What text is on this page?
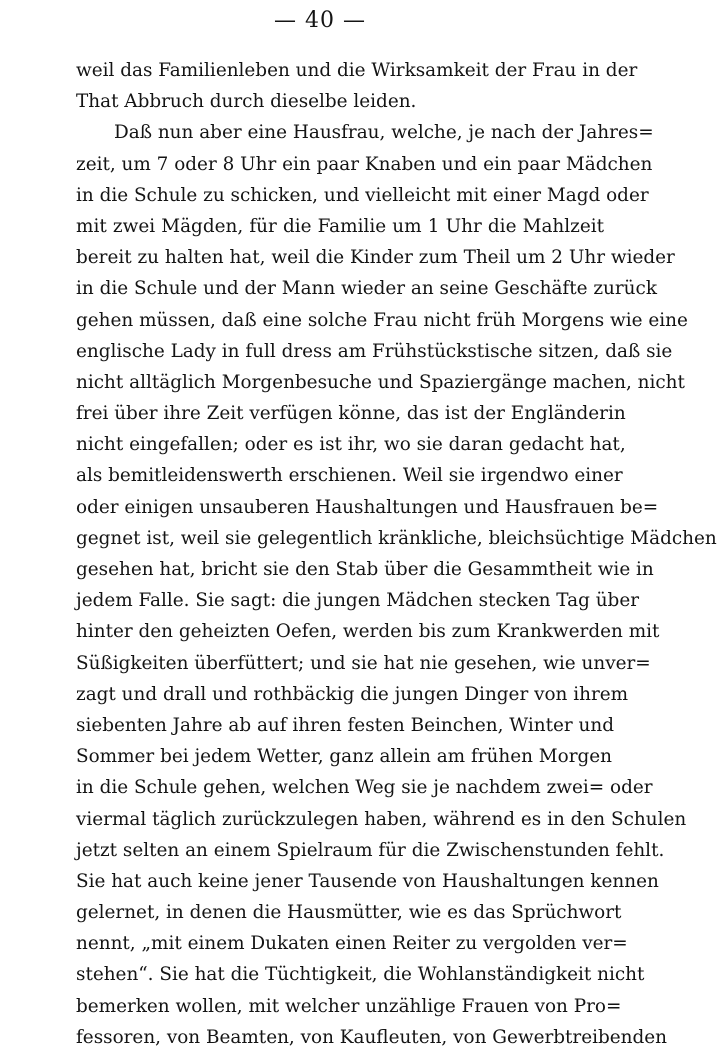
— 40 —
weil das Familienleben und die Wirksamkeit der Frau in der
That Abbruch durch dieselbe leiden.
Daß nun aber eine Hausfrau, welche, je nach der Jahres=
zeit, um 7 oder 8 Uhr ein paar Knaben und ein paar Mädchen
in die Schule zu schicken, und vielleicht mit einer Magd oder
mit zwei Mägden, für die Familie um 1 Uhr die Mahlzeit
bereit zu halten hat, weil die Kinder zum Theil um 2 Uhr wieder
in die Schule und der Mann wieder an seine Geschäfte zurück
gehen müssen, daß eine solche Frau nicht früh Morgens wie eine
englische Lady in full dress am Frühstückstische sitzen, daß sie
nicht alltäglich Morgenbesuche und Spaziergänge machen, nicht
frei über ihre Zeit verfügen könne, das ist der Engländerin
nicht eingefallen; oder es ist ihr, wo sie daran gedacht hat,
als bemitleidenswerth erschienen. Weil sie irgendwo einer
oder einigen unsauberen Haushaltungen und Hausfrauen be=
gegnet ist, weil sie gelegentlich kränkliche, bleichsüchtige Mädchen
gesehen hat, bricht sie den Stab über die Gesammtheit wie in
jedem Falle. Sie sagt: die jungen Mädchen stecken Tag über
hinter den geheizten Oefen, werden bis zum Krankwerden mit
Süßigkeiten überfüttert; und sie hat nie gesehen, wie unver=
zagt und drall und rothbäckig die jungen Dinger von ihrem
siebenten Jahre ab auf ihren festen Beinchen, Winter und
Sommer bei jedem Wetter, ganz allein am frühen Morgen
in die Schule gehen, welchen Weg sie je nachdem zwei= oder
viermal täglich zurückzulegen haben, während es in den Schulen
jetzt selten an einem Spielraum für die Zwischenstunden fehlt.
Sie hat auch keine jener Tausende von Haushaltungen kennen
gelernet, in denen die Hausmütter, wie es das Sprüchwort
nennt, „mit einem Dukaten einen Reiter zu vergolden ver=
stehen“. Sie hat die Tüchtigkeit, die Wohlanständigkeit nicht
bemerken wollen, mit welcher unzählige Frauen von Pro=
fessoren, von Beamten, von Kaufleuten, von Gewerbtreibenden
